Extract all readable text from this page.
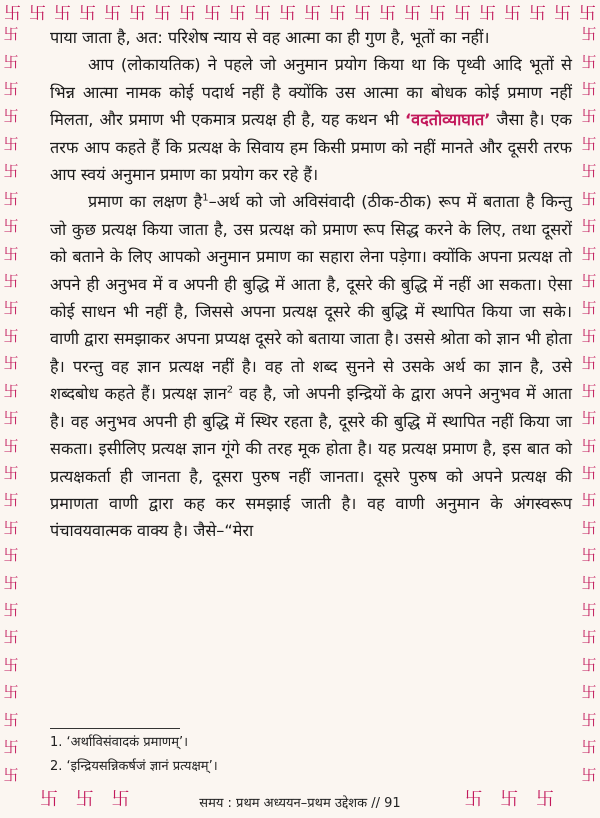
卐 卐 卐 卐 卐 卐 卐 卐 卐 卐 卐 卐 卐 卐 卐 卐 卐 卐 卐 卐 卐 卐 卐 卐
卐
卐
卐
卐
卐
卐
卐
卐
卐
卐
卐
卐
卐
卐
卐
卐
卐
卐
卐
卐
卐
卐
卐
卐
卐
卐
卐
卐
卐
卐
卐
卐
卐
卐
卐
卐
卐
卐
卐
卐
卐
卐
卐
卐
卐
卐
卐
卐
卐
卐
卐
卐
卐
卐
卐
卐

पाया जाता है, अत: परिशेष न्याय से वह आत्मा का ही गुण है, भूतों का नहीं।

आप (लोकायतिक) ने पहले जो अनुमान प्रयोग किया था कि पृथ्वी आदि भूतों से भिन्न आत्मा नामक कोई पदार्थ नहीं है क्योंकि उस आत्मा का बोधक कोई प्रमाण नहीं मिलता, और प्रमाण भी एकमात्र प्रत्यक्ष ही है, यह कथन भी ‘वदतोव्याघात’ जैसा है। एक तरफ आप कहते हैं कि प्रत्यक्ष के सिवाय हम किसी प्रमाण को नहीं मानते और दूसरी तरफ आप स्वयं अनुमान प्रमाण का प्रयोग कर रहे हैं।

प्रमाण का लक्षण है$^1$–अर्थ को जो अविसंवादी (ठीक-ठीक) रूप में बताता है किन्तु जो कुछ प्रत्यक्ष किया जाता है, उस प्रत्यक्ष को प्रमाण रूप सिद्ध करने के लिए, तथा दूसरों को बताने के लिए आपको अनुमान प्रमाण का सहारा लेना पड़ेगा। क्योंकि अपना प्रत्यक्ष तो अपने ही अनुभव में व अपनी ही बुद्धि में आता है, दूसरे की बुद्धि में नहीं आ सकता। ऐसा कोई साधन भी नहीं है, जिससे अपना प्रत्यक्ष दूसरे की बुद्धि में स्थापित किया जा सके। वाणी द्वारा समझाकर अपना प्रप्यक्ष दूसरे को बताया जाता है। उससे श्रोता को ज्ञान भी होता है। परन्तु वह ज्ञान प्रत्यक्ष नहीं है। वह तो शब्द सुनने से उसके अर्थ का ज्ञान है, उसे शब्दबोध कहते हैं। प्रत्यक्ष ज्ञान$^2$ वह है, जो अपनी इन्द्रियों के द्वारा अपने अनुभव में आता है। वह अनुभव अपनी ही बुद्धि में स्थिर रहता है, दूसरे की बुद्धि में स्थापित नहीं किया जा सकता। इसीलिए प्रत्यक्ष ज्ञान गूंगे की तरह मूक होता है। यह प्रत्यक्ष प्रमाण है, इस बात को प्रत्यक्षकर्ता ही जानता है, दूसरा पुरुष नहीं जानता। दूसरे पुरुष को अपने प्रत्यक्ष की प्रमाणता वाणी द्वारा कह कर समझाई जाती है। वह वाणी अनुमान के अंगस्वरूप पंचावयवात्मक वाक्य है। जैसे–“मेरा

1. ‘अर्थाविसंवादकं प्रमाणम्’।
2. ‘इन्द्रियसन्निकर्षजं ज्ञानं प्रत्यक्षम्’।
卐 卐 卐	समय : प्रथम अध्ययन–प्रथम उद्देशक // 91	卐 卐 卐
